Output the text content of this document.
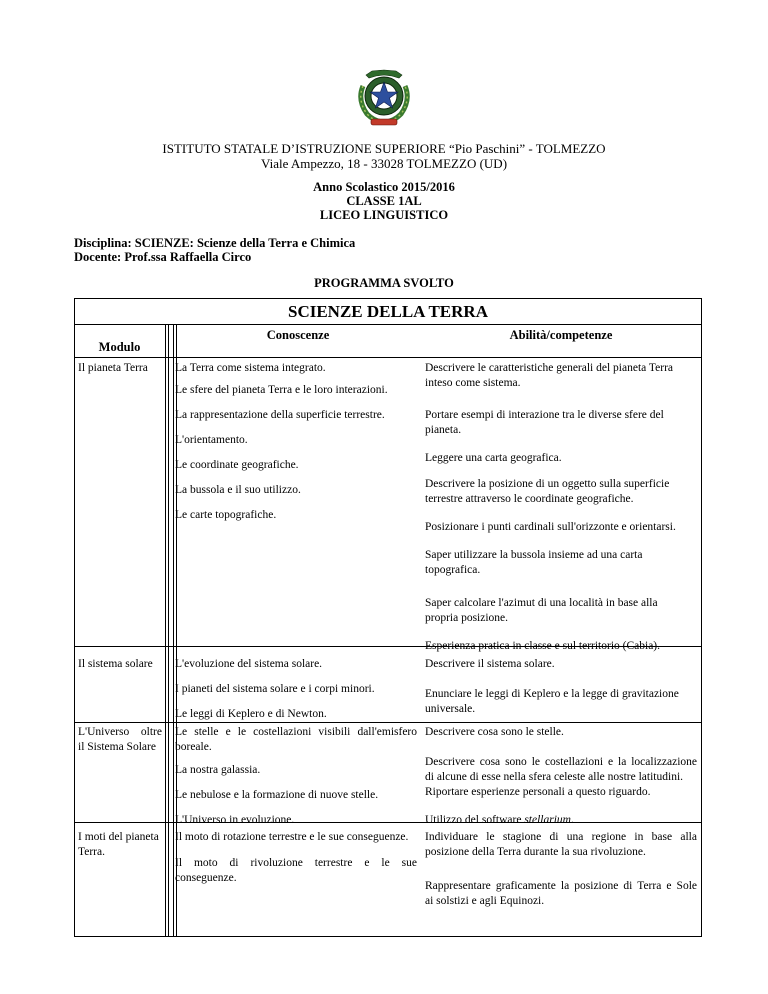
ISTITUTO STATALE D’ISTRUZIONE SUPERIORE “Pio Paschini” - TOLMEZZO
Viale Ampezzo, 18 - 33028 TOLMEZZO (UD)
Anno Scolastico 2015/2016
CLASSE 1AL
LICEO LINGUISTICO
Disciplina: SCIENZE: Scienze della Terra e Chimica
Docente: Prof.ssa Raffaella Circo
PROGRAMMA SVOLTO
SCIENZE DELLA TERRA
Modulo
Conoscenze	Abilità/competenze
Il pianeta Terra La Terra come sistema integrato.
Le sfere del pianeta Terra e le loro interazioni.
La rappresentazione della superficie terrestre.
L'orientamento.
Le coordinate geografiche.
La bussola e il suo utilizzo.
Le carte topografiche.
Descrivere le caratteristiche generali del pianeta Terra
inteso come sistema.
Portare esempi di interazione tra le diverse sfere del
pianeta.
Leggere una carta geografica.
Descrivere la posizione di un oggetto sulla superficie
terrestre attraverso le coordinate geografiche.
Posizionare i punti cardinali sull'orizzonte e orientarsi.
Saper utilizzare la bussola insieme ad una carta
topografica.
Saper calcolare l'azimut di una località in base alla
propria posizione.
Esperienza pratica in classe e sul territorio (Cabia).
Il sistema solare L'evoluzione del sistema solare.
I pianeti del sistema solare e i corpi minori.
Le leggi di Keplero e di Newton.
Descrivere il sistema solare.
Enunciare le leggi di Keplero e la legge di gravitazione
universale.
L'Universo oltre
il Sistema Solare
Le stelle e le costellazioni visibili dall'emisfero
boreale.
La nostra galassia.
Le nebulose e la formazione di nuove stelle.
L'Universo in evoluzione.
Descrivere cosa sono le stelle.
Descrivere cosa sono le costellazioni e la localizzazione
di alcune di esse nella sfera celeste alle nostre latitudini.
Riportare esperienze personali a questo riguardo.
Utilizzo del software stellarium.
I moti del pianeta
Terra.
Il moto di rotazione terrestre e le sue conseguenze.
Il moto di rivoluzione terrestre e le sue
conseguenze.
Individuare le stagione di una regione in base alla
posizione della Terra durante la sua rivoluzione.
Rappresentare graficamente la posizione di Terra e Sole
ai solstizi e agli Equinozi.
